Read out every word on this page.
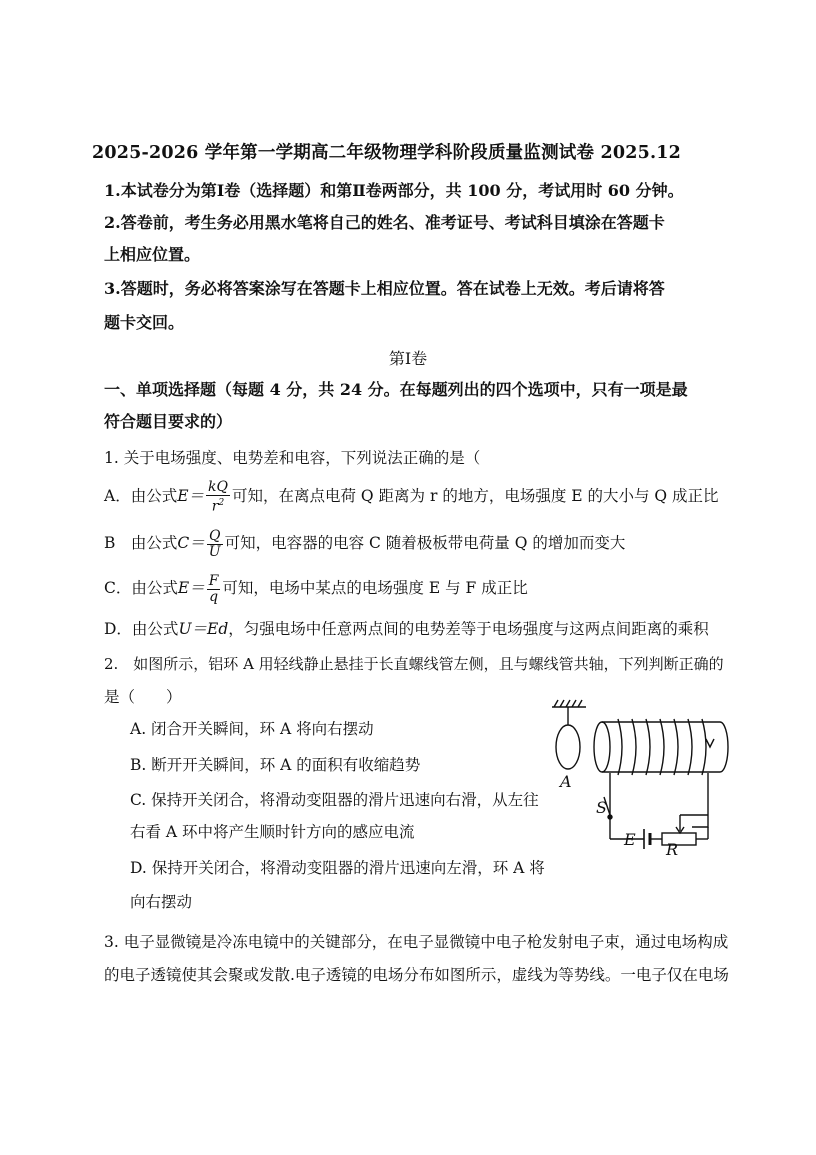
2025-2026 学年第一学期高二年级物理学科阶段质量监测试卷 2025.12
1.本试卷分为第Ⅰ卷（选择题）和第Ⅱ卷两部分，共 100 分，考试用时 60 分钟。
2.答卷前，考生务必用黑水笔将自己的姓名、准考证号、考试科目填涂在答题卡
上相应位置。
3.答题时，务必将答案涂写在答题卡上相应位置。答在试卷上无效。考后请将答
题卡交回。
第Ⅰ卷
一、单项选择题（每题 4 分，共 24 分。在每题列出的四个选项中，只有一项是最
符合题目要求的）
1. 关于电场强度、电势差和电容，下列说法正确的是（
A．由公式$E= \frac{kQ}{r^2}$ 可知，在离点电荷 Q 距离为 r 的地方，电场强度 E 的大小与 Q 成正比
B　由公式$C= \frac{Q}{U}$ 可知，电容器的电容 C 随着极板带电荷量 Q 的增加而变大
C．由公式$E= \frac{F}{q}$ 可知，电场中某点的电场强度 E 与 F 成正比
D．由公式U＝Ed，匀强电场中任意两点间的电势差等于电场强度与这两点间距离的乘积
2.　如图所示，铝环 A 用轻线静止悬挂于长直螺线管左侧，且与螺线管共轴，下列判断正确的
是（　　）
A. 闭合开关瞬间，环 A 将向右摆动
B. 断开开关瞬间，环 A 的面积有收缩趋势
C. 保持开关闭合，将滑动变阻器的滑片迅速向右滑，从左往
右看 A 环中将产生顺时针方向的感应电流
D. 保持开关闭合，将滑动变阻器的滑片迅速向左滑，环 A 将
向右摆动
3. 电子显微镜是冷冻电镜中的关键部分，在电子显微镜中电子枪发射电子束，通过电场构成
的电子透镜使其会聚或发散.电子透镜的电场分布如图所示，虚线为等势线。一电子仅在电场
A
S
E
R
